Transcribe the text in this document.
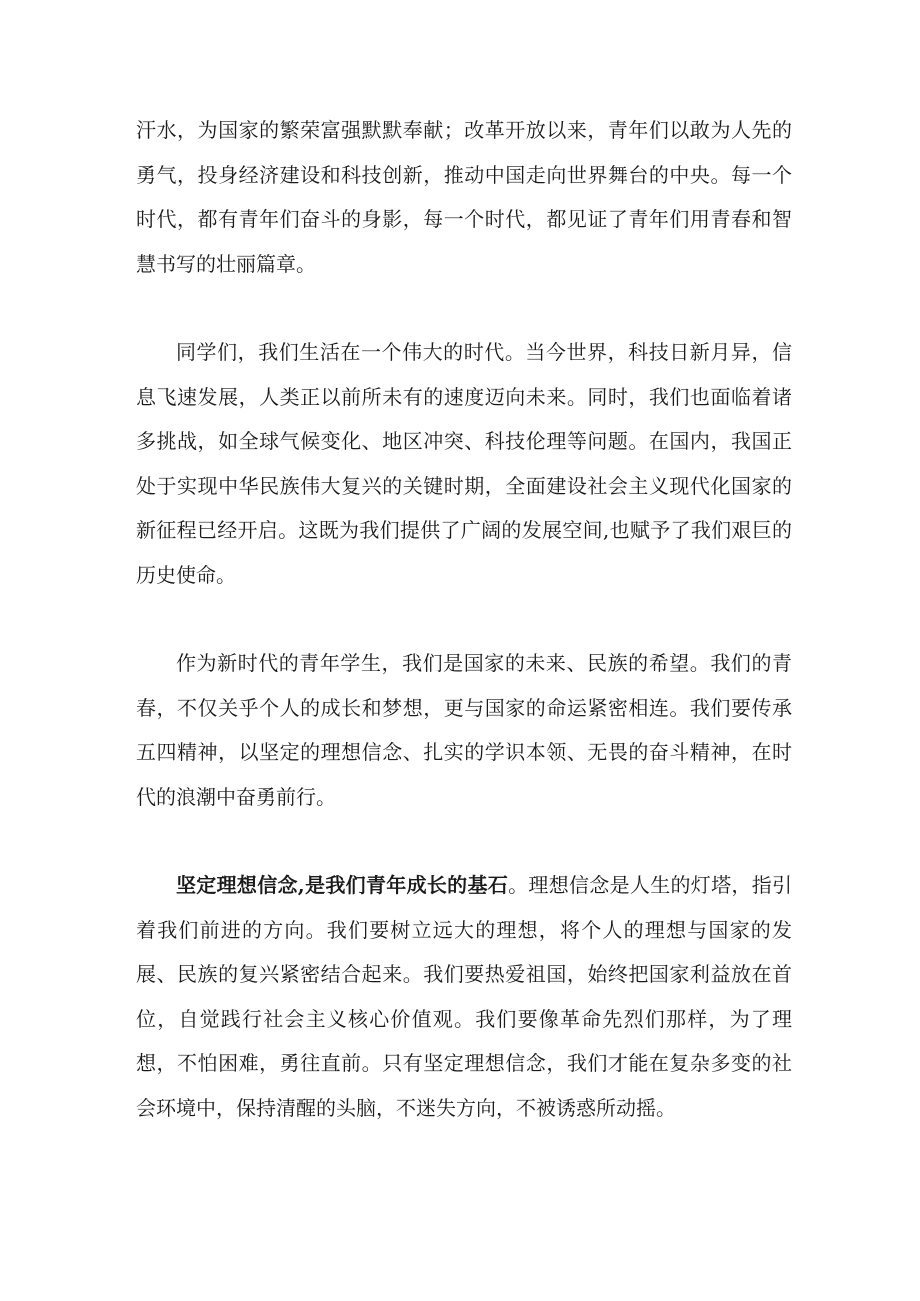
汗水，为国家的繁荣富强默默奉献；改革开放以来，青年们以敢为人先的勇气，投身经济建设和科技创新，推动中国走向世界舞台的中央。每一个时代，都有青年们奋斗的身影，每一个时代，都见证了青年们用青春和智慧书写的壮丽篇章。

同学们，我们生活在一个伟大的时代。当今世界，科技日新月异，信息飞速发展，人类正以前所未有的速度迈向未来。同时，我们也面临着诸多挑战，如全球气候变化、地区冲突、科技伦理等问题。在国内，我国正处于实现中华民族伟大复兴的关键时期，全面建设社会主义现代化国家的新征程已经开启。这既为我们提供了广阔的发展空间,也赋予了我们艰巨的历史使命。

作为新时代的青年学生，我们是国家的未来、民族的希望。我们的青春，不仅关乎个人的成长和梦想，更与国家的命运紧密相连。我们要传承五四精神，以坚定的理想信念、扎实的学识本领、无畏的奋斗精神，在时代的浪潮中奋勇前行。

坚定理想信念,是我们青年成长的基石。理想信念是人生的灯塔，指引着我们前进的方向。我们要树立远大的理想，将个人的理想与国家的发展、民族的复兴紧密结合起来。我们要热爱祖国，始终把国家利益放在首位，自觉践行社会主义核心价值观。我们要像革命先烈们那样，为了理想，不怕困难，勇往直前。只有坚定理想信念，我们才能在复杂多变的社会环境中，保持清醒的头脑，不迷失方向，不被诱惑所动摇。
